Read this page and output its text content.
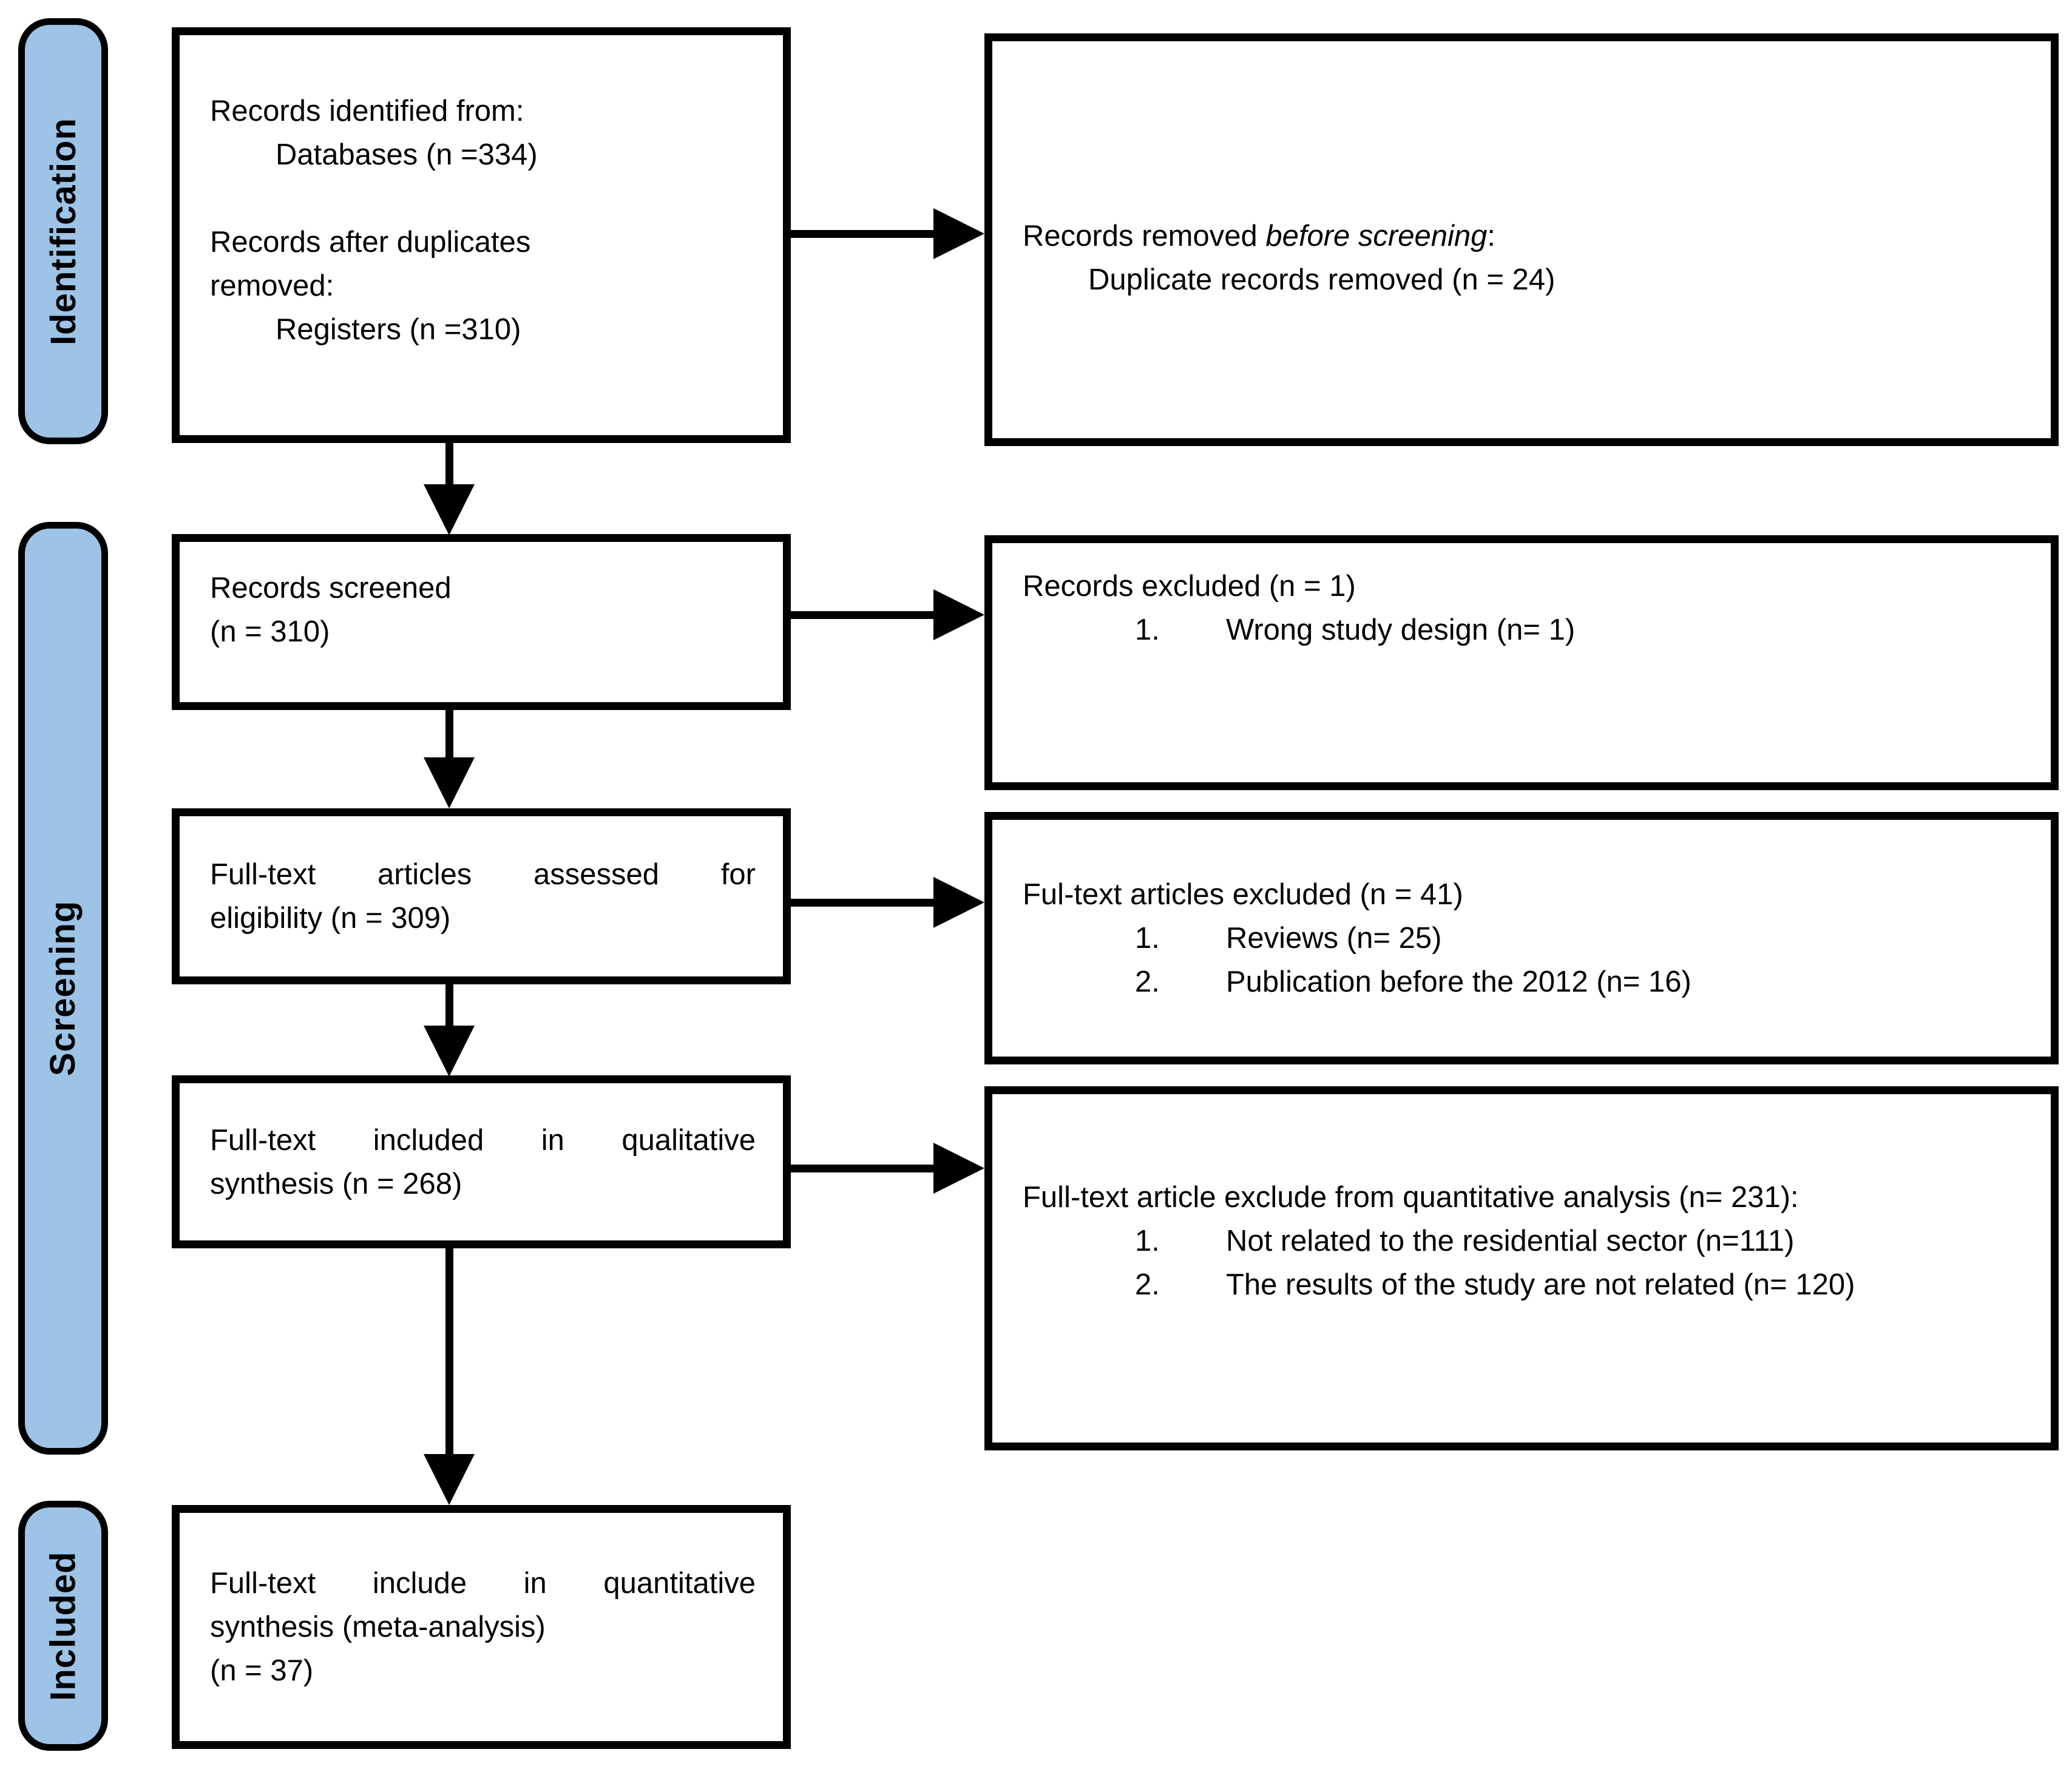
Identification
Screening
Included
Records identified from:
Databases (n =334)
Records after duplicates
removed:
Registers (n =310)
Records screened
(n = 310)
Full-text articles assessed for
eligibility (n = 309)
Full-text included in qualitative
synthesis (n = 268)
Full-text include in quantitative
synthesis (meta-analysis)
(n = 37)
Records removed before screening:
Duplicate records removed (n = 24)
Records excluded (n = 1)
1.	Wrong study design (n= 1)
Ful-text articles excluded (n = 41)
1.	Reviews (n= 25)
2.	Publication before the 2012 (n= 16)
Full-text article exclude from quantitative analysis (n= 231):
1.	Not related to the residential sector (n=111)
2.	The results of the study are not related (n= 120)
